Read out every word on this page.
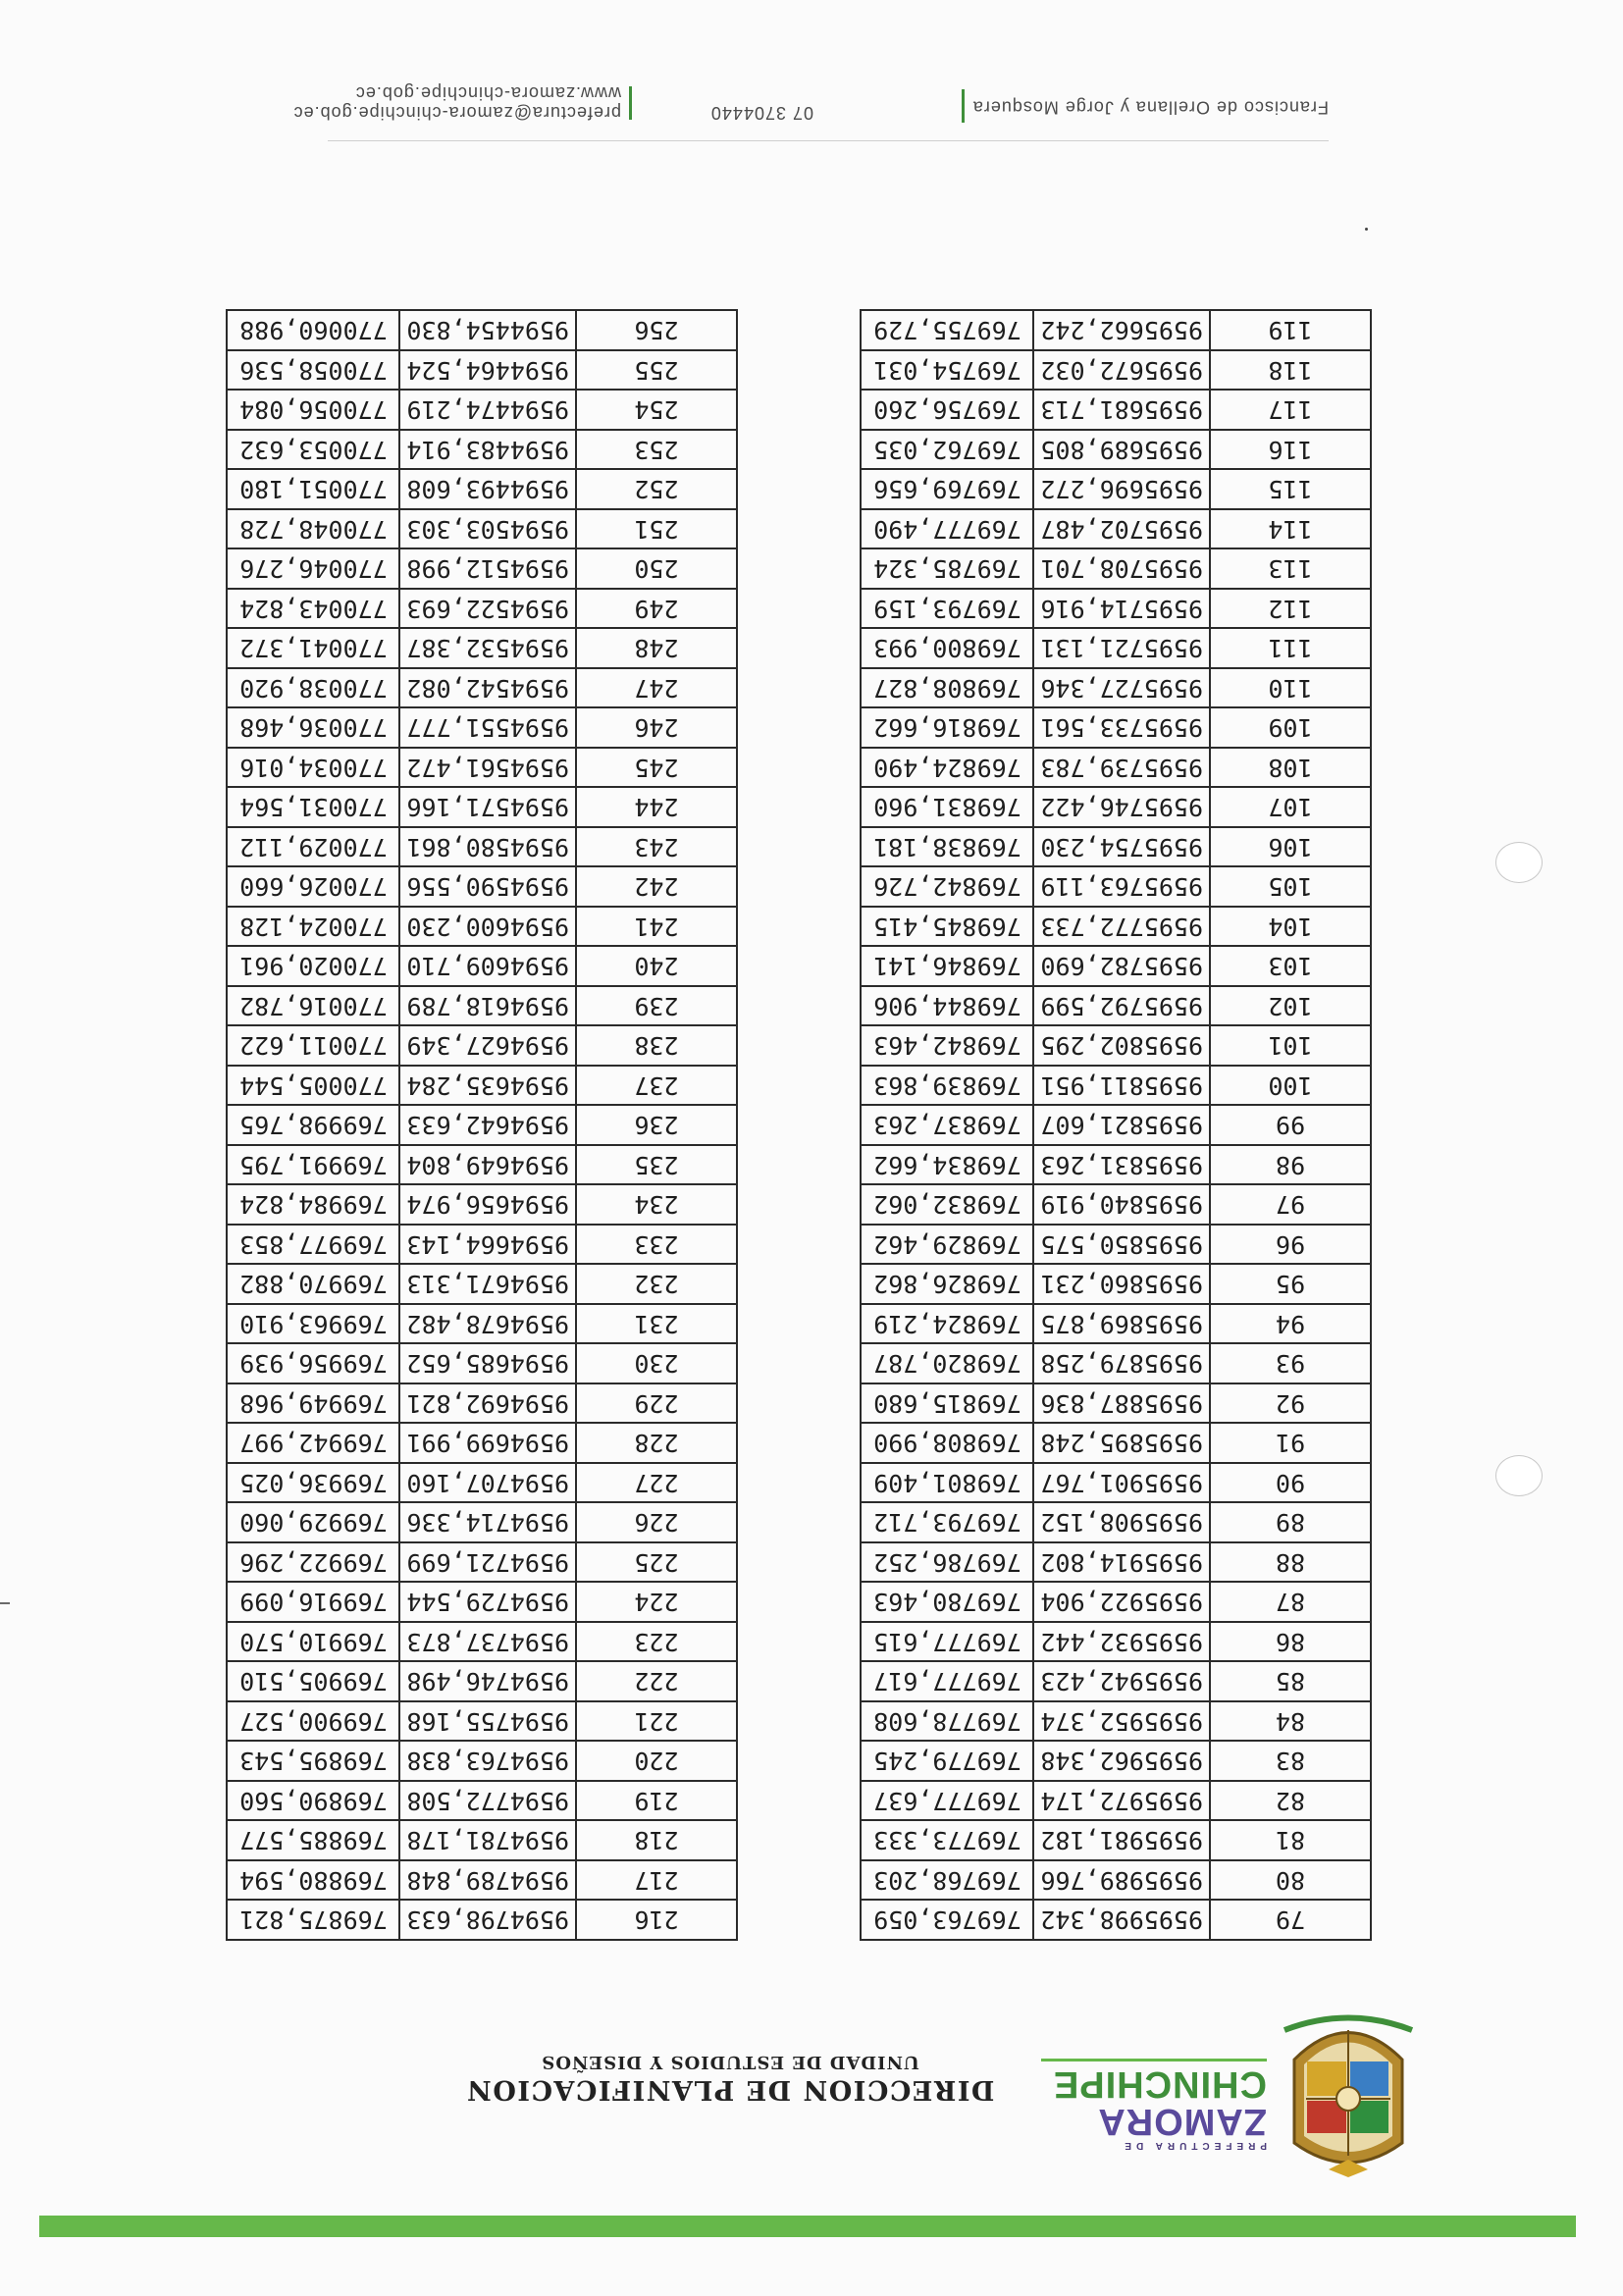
PREFECTURA DE
ZAMORA
CHINCHIPE
DIRECCION DE PLANIFICACION
UNIDAD DE ESTUDIOS Y DISEÑOS
79	9595998,342	769763,059
80	9595989,766	769768,203
81	9595981,182	769773,333
82	9595972,174	769777,637
83	9595962,348	769779,245
84	9595952,374	769778,608
85	9595942,423	769777,617
86	9595932,442	769777,615
87	9595922,904	769780,463
88	9595914,802	769786,252
89	9595908,152	769793,712
90	9595901,767	769801,409
91	9595895,248	769808,990
92	9595887,836	769815,680
93	9595879,258	769820,787
94	9595869,875	769824,219
95	9595860,231	769826,862
96	9595850,575	769829,462
97	9595840,919	769832,062
98	9595831,263	769834,662
99	9595821,607	769837,263
100	9595811,951	769839,863
101	9595802,295	769842,463
102	9595792,599	769844,906
103	9595782,690	769846,141
104	9595772,733	769845,415
105	9595763,119	769842,726
106	9595754,230	769838,181
107	9595746,422	769831,960
108	9595739,783	769824,490
109	9595733,561	769816,662
110	9595727,346	769808,827
111	9595721,131	769800,993
112	9595714,916	769793,159
113	9595708,701	769785,324
114	9595702,487	769777,490
115	9595696,272	769769,656
116	9595689,805	769762,035
117	9595681,713	769756,260
118	9595672,032	769754,031
119	9595662,242	769755,729
216	9594798,633	769875,821
217	9594789,848	769880,594
218	9594781,178	769885,577
219	9594772,508	769890,560
220	9594763,838	769895,543
221	9594755,168	769900,527
222	9594746,498	769905,510
223	9594737,873	769910,570
224	9594729,544	769916,099
225	9594721,699	769922,296
226	9594714,336	769929,060
227	9594707,160	769936,025
228	9594699,991	769942,997
229	9594692,821	769949,968
230	9594685,652	769956,939
231	9594678,482	769963,910
232	9594671,313	769970,882
233	9594664,143	769977,853
234	9594656,974	769984,824
235	9594649,804	769991,795
236	9594642,633	769998,765
237	9594635,284	770005,544
238	9594627,349	770011,622
239	9594618,789	770016,782
240	9594609,710	770020,961
241	9594600,230	770024,128
242	9594590,556	770026,660
243	9594580,861	770029,112
244	9594571,166	770031,564
245	9594561,472	770034,016
246	9594551,777	770036,468
247	9594542,082	770038,920
248	9594532,387	770041,372
249	9594522,693	770043,824
250	9594512,998	770046,276
251	9594503,303	770048,728
252	9594493,608	770051,180
253	9594483,914	770053,632
254	9594474,219	770056,084
255	9594464,524	770058,536
256	9594454,830	770060,988
Francisco de Orellana y Jorge Mosquera
07 3704440
prefectura@zamora-chinchipe.gob.ec
www.zamora-chinchipe.gob.ec
